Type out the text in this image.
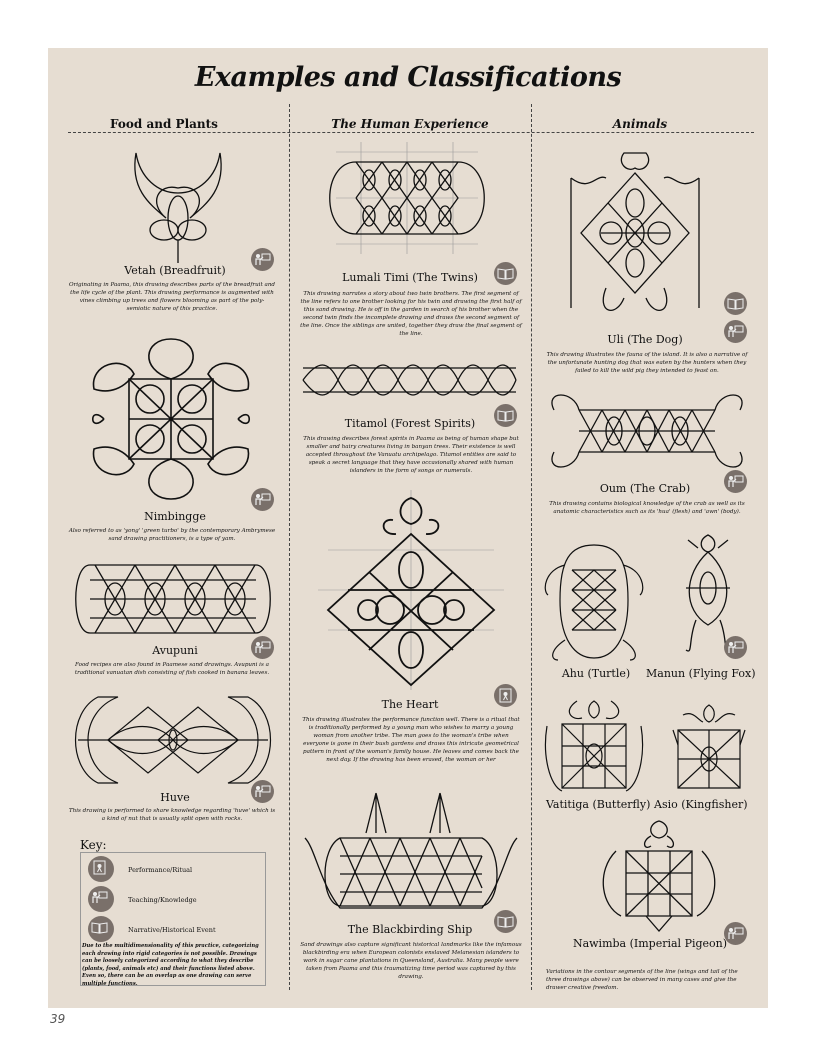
Examples and Classifications
Food and Plants	The Human Experience	Animals
Vetah (Breadfruit)
Originating in Paama, this drawing describes parts of the breadfruit and the life cycle of the plant. This drawing performance is augmented with vines climbing up trees and flowers blooming as part of the poly-semiotic nature of this practice.
Nimbingge
Also referred to as 'yong' 'green turbo' by the contemporary Ambrymese sand drawing practitioners, is a type of yam.
Avupuni
Food recipes are also found in Paamese sand drawings. Avupuni is a traditional vanuatan dish consisting of fish cooked in banana leaves.
Huve
This drawing is performed to share knowledge regarding 'huve' which is a kind of nut that is usually split open with rocks.
Key:
Performance/Ritual
Teaching/Knowledge
Narrative/Historical Event
Due to the multidimensionality of this practice, categorizing each drawing into rigid categories is not possible. Drawings can be loosely categorized according to what they describe (plants, food, animals etc) and their functions listed above. Even so, there can be an overlap as one drawing can serve multiple functions.
Lumali Timi (The Twins)
This drawing narrates a story about two twin brothers. The first segment of the line refers to one brother looking for his twin and drawing the first half of this sand drawing. He is off in the garden in search of his brother when the second twin finds the incomplete drawing and draws the second segment of the line. Once the siblings are united, together they draw the final segment of the line.
Titamol (Forest Spirits)
This drawing describes forest spirits in Paama as being of human shape but smaller and hairy creatures living in banyan trees. Their existence is well accepted throughout the Vanuatu archipelago. Titamol entities are said to speak a secret language that they have occasionally shared with human islanders in the form of songs or numerals.
The Heart
This drawing illustrates the performance function well. There is a ritual that is traditionally performed by a young man who wishes to marry a young woman from another tribe. The man goes to the woman's tribe when everyone is gone in their bush gardens and draws this intricate geometrical pattern in front of the woman's family house. He leaves and comes back the next day. If the drawing has been erased, the woman or her
The Blackbirding Ship
Sand drawings also capture significant historical landmarks like the infamous blackbirding era when European colonists enslaved Melanesian islanders to work in sugar cane plantations in Queensland, Australia. Many people were taken from Paama and this traumatizing time period was captured by this drawing.
Uli (The Dog)
This drawing illustrates the fauna of the island. It is also a narrative of the unfortunate hunting dog that was eaten by the hunters when they failed to kill the wild pig they intended to feast on.
Oum (The Crab)
This drawing contains biological knowledge of the crab as well as its anatomic characteristics such as its 'hua' (flesh) and 'awn' (body).
Ahu (Turtle)	Manun (Flying Fox)
Vatitiga (Butterfly) Asio (Kingfisher)
Nawimba (Imperial Pigeon)
Variations in the contour segments of the line (wings and tail of the three drawings above) can be observed in many cases and give the drawer creative freedom.
39
